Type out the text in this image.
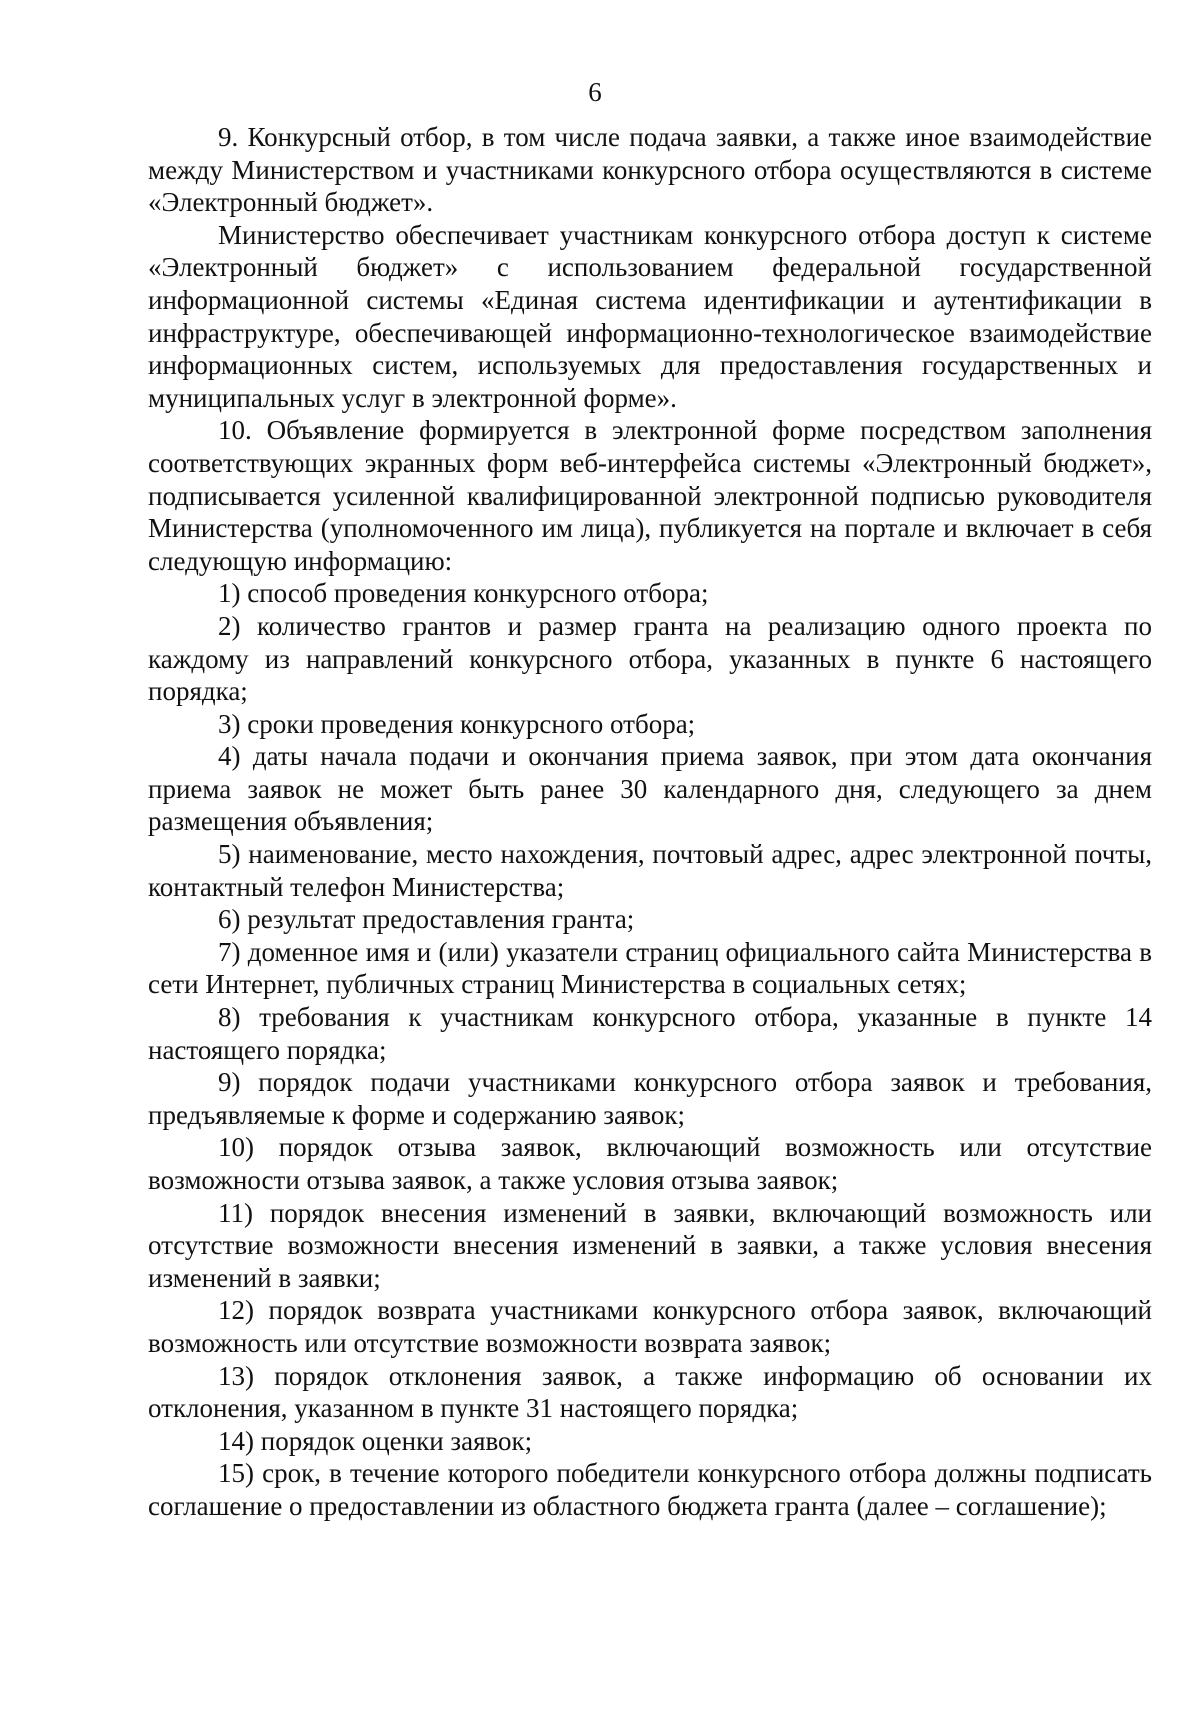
6

9. Конкурсный отбор, в том числе подача заявки, а также иное взаимодействие между Министерством и участниками конкурсного отбора осуществляются в системе «Электронный бюджет».

Министерство обеспечивает участникам конкурсного отбора доступ к системе «Электронный бюджет» с использованием федеральной государственной информационной системы «Единая система идентификации и аутентификации в инфраструктуре, обеспечивающей информационно-технологическое взаимодействие информационных систем, используемых для предоставления государственных и муниципальных услуг в электронной форме».

10. Объявление формируется в электронной форме посредством заполнения соответствующих экранных форм веб-интерфейса системы «Электронный бюджет», подписывается усиленной квалифицированной электронной подписью руководителя Министерства (уполномоченного им лица), публикуется на портале и включает в себя следующую информацию:

1) способ проведения конкурсного отбора;

2) количество грантов и размер гранта на реализацию одного проекта по каждому из направлений конкурсного отбора, указанных в пункте 6 настоящего порядка;

3) сроки проведения конкурсного отбора;

4) даты начала подачи и окончания приема заявок, при этом дата окончания приема заявок не может быть ранее 30 календарного дня, следующего за днем размещения объявления;

5) наименование, место нахождения, почтовый адрес, адрес электронной почты, контактный телефон Министерства;

6) результат предоставления гранта;

7) доменное имя и (или) указатели страниц официального сайта Министерства в сети Интернет, публичных страниц Министерства в социальных сетях;

8) требования к участникам конкурсного отбора, указанные в пункте 14 настоящего порядка;

9) порядок подачи участниками конкурсного отбора заявок и требования, предъявляемые к форме и содержанию заявок;

10) порядок отзыва заявок, включающий возможность или отсутствие возможности отзыва заявок, а также условия отзыва заявок;

11) порядок внесения изменений в заявки, включающий возможность или отсутствие возможности внесения изменений в заявки, а также условия внесения изменений в заявки;

12) порядок возврата участниками конкурсного отбора заявок, включающий возможность или отсутствие возможности возврата заявок;

13) порядок отклонения заявок, а также информацию об основании их отклонения, указанном в пункте 31 настоящего порядка;

14) порядок оценки заявок;

15) срок, в течение которого победители конкурсного отбора должны подписать соглашение о предоставлении из областного бюджета гранта (далее – соглашение);
